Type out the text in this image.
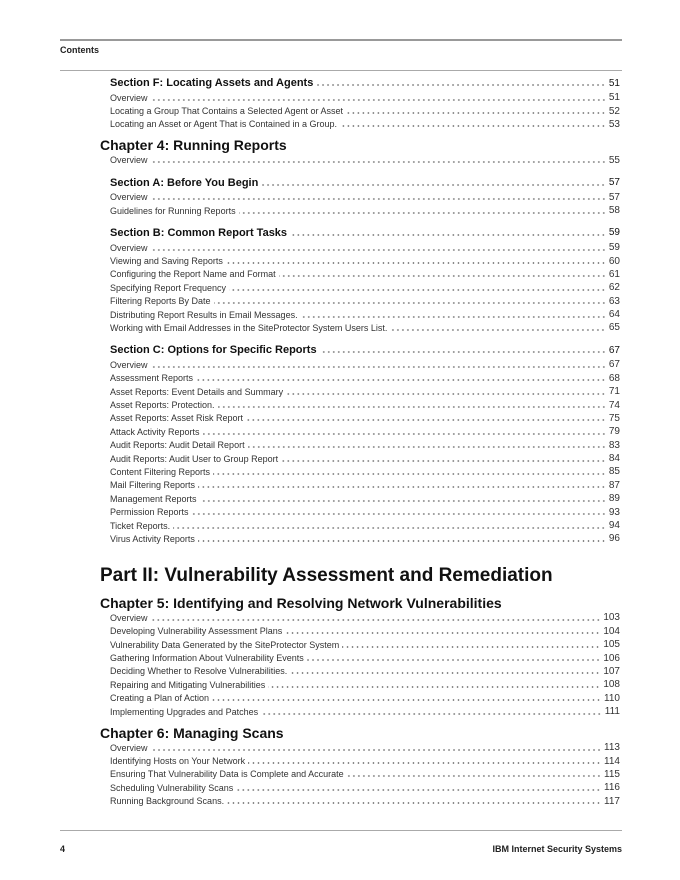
Contents
Section F: Locating Assets and Agents	51
Overview	51
Locating a Group That Contains a Selected Agent or Asset	52
Locating an Asset or Agent That is Contained in a Group.	53
Chapter 4: Running Reports
Overview	55
Section A: Before You Begin	57
Overview	57
Guidelines for Running Reports	58
Section B: Common Report Tasks	59
Overview	59
Viewing and Saving Reports	60
Configuring the Report Name and Format	61
Specifying Report Frequency	62
Filtering Reports By Date	63
Distributing Report Results in Email Messages.	64
Working with Email Addresses in the SiteProtector System Users List.	65
Section C: Options for Specific Reports	67
Overview	67
Assessment Reports	68
Asset Reports: Event Details and Summary	71
Asset Reports: Protection.	74
Asset Reports: Asset Risk Report	75
Attack Activity Reports	79
Audit Reports: Audit Detail Report	83
Audit Reports: Audit User to Group Report	84
Content Filtering Reports	85
Mail Filtering Reports	87
Management Reports	89
Permission Reports	93
Ticket Reports.	94
Virus Activity Reports	96
Part II: Vulnerability Assessment and Remediation
Chapter 5: Identifying and Resolving Network Vulnerabilities
Overview	103
Developing Vulnerability Assessment Plans	104
Vulnerability Data Generated by the SiteProtector System	105
Gathering Information About Vulnerability Events	106
Deciding Whether to Resolve Vulnerabilities.	107
Repairing and Mitigating Vulnerabilities	108
Creating a Plan of Action	110
Implementing Upgrades and Patches	111
Chapter 6: Managing Scans
Overview	113
Identifying Hosts on Your Network	114
Ensuring That Vulnerability Data is Complete and Accurate	115
Scheduling Vulnerability Scans	116
Running Background Scans.	117
4	IBM Internet Security Systems
